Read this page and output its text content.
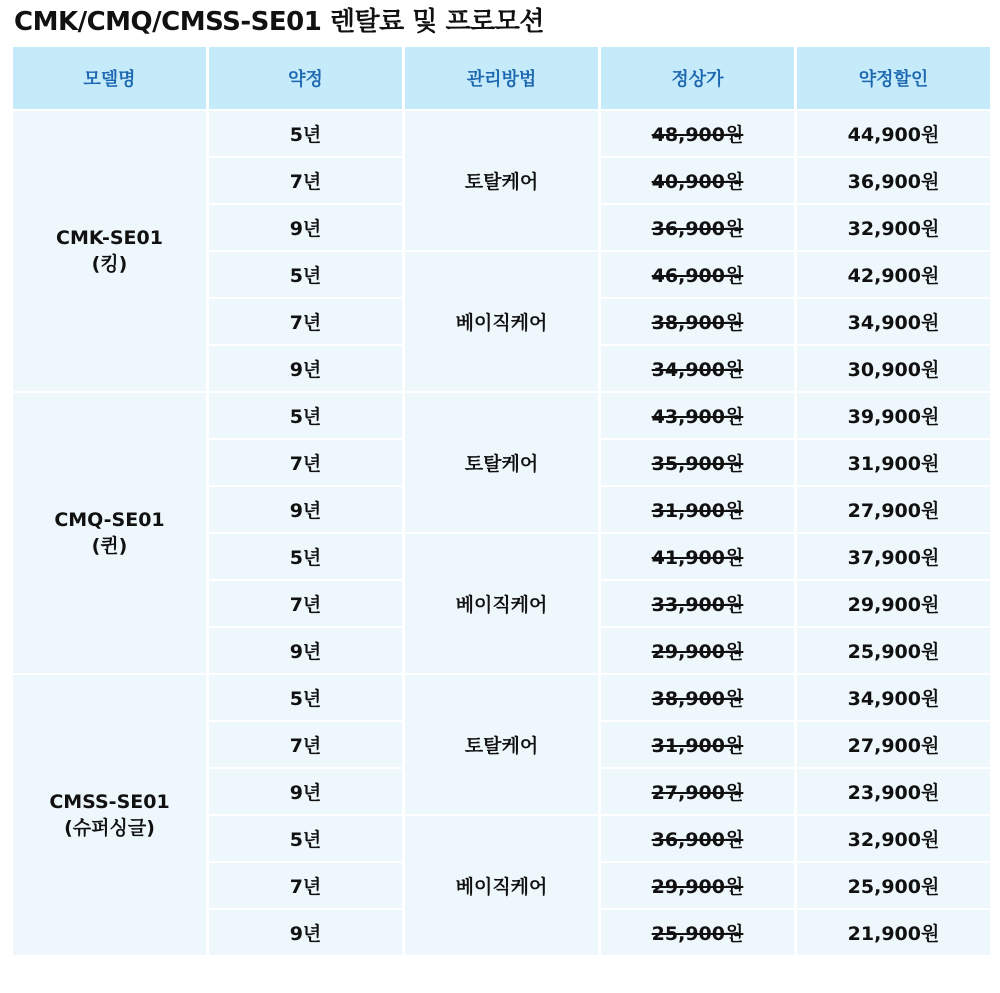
CMK/CMQ/CMSS-SE01 렌탈료 및 프로모션
모델명	약정	관리방법	정상가	약정할인

CMK-SE01
(킹)	5년	토탈케어	48,900원	44,900원
	7년		40,900원	36,900원
	9년		36,900원	32,900원
	5년	베이직케어	46,900원	42,900원
	7년		38,900원	34,900원
	9년		34,900원	30,900원

CMQ-SE01
(퀸)	5년	토탈케어	43,900원	39,900원
	7년		35,900원	31,900원
	9년		31,900원	27,900원
	5년	베이직케어	41,900원	37,900원
	7년		33,900원	29,900원
	9년		29,900원	25,900원

CMSS-SE01
(슈퍼싱글)	5년	토탈케어	38,900원	34,900원
	7년		31,900원	27,900원
	9년		27,900원	23,900원
	5년	베이직케어	36,900원	32,900원
	7년		29,900원	25,900원
	9년		25,900원	21,900원
